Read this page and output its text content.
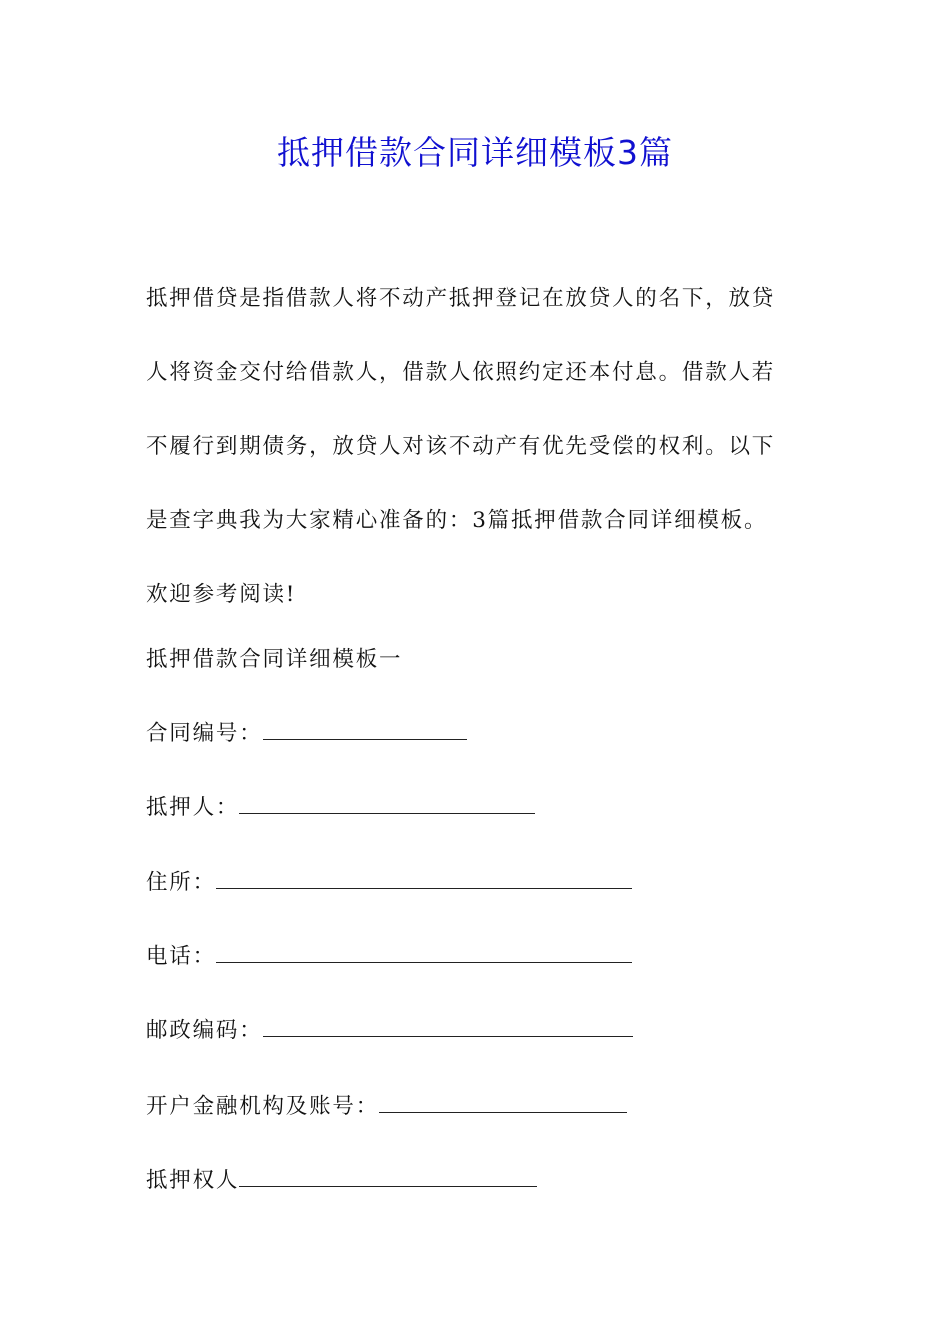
抵押借款合同详细模板3篇

抵押借贷是指借款人将不动产抵押登记在放贷人的名下，放贷
人将资金交付给借款人，借款人依照约定还本付息。借款人若
不履行到期债务，放贷人对该不动产有优先受偿的权利。以下
是查字典我为大家精心准备的：3篇抵押借款合同详细模板。
欢迎参考阅读!

抵押借款合同详细模板一
合同编号：
抵押人：
住所：
电话：
邮政编码：
开户金融机构及账号：
抵押权人
